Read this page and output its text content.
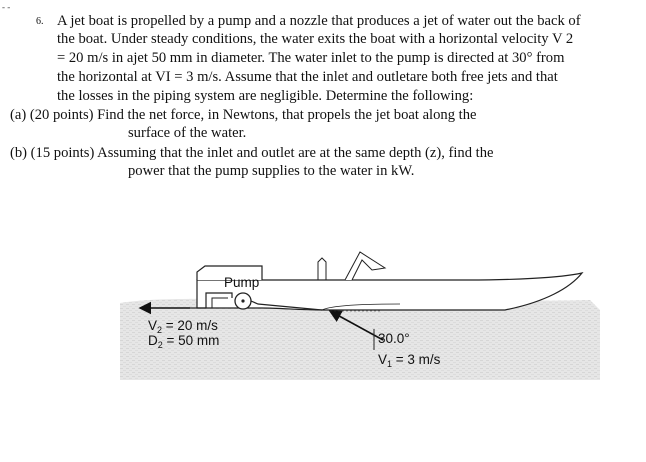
- -
6. A jet boat is propelled by a pump and a nozzle that produces a jet of water out the back of
the boat. Under steady conditions, the water exits the boat with a horizontal velocity V 2
= 20 m/s in ajet 50 mm in diameter. The water inlet to the pump is directed at 30° from
the horizontal at VI = 3 m/s. Assume that the inlet and outletare both free jets and that
the losses in the piping system are negligible. Determine the following:
(a) (20 points) Find the net force, in Newtons, that propels the jet boat along the
surface of the water.
(b) (15 points) Assuming that the inlet and outlet are at the same depth (z), find the
power that the pump supplies to the water in kW.
Pump
$V_2 = 20$ m/s
$D_2 = 50$ mm	30.0°
$V_1 = 3$ m/s
